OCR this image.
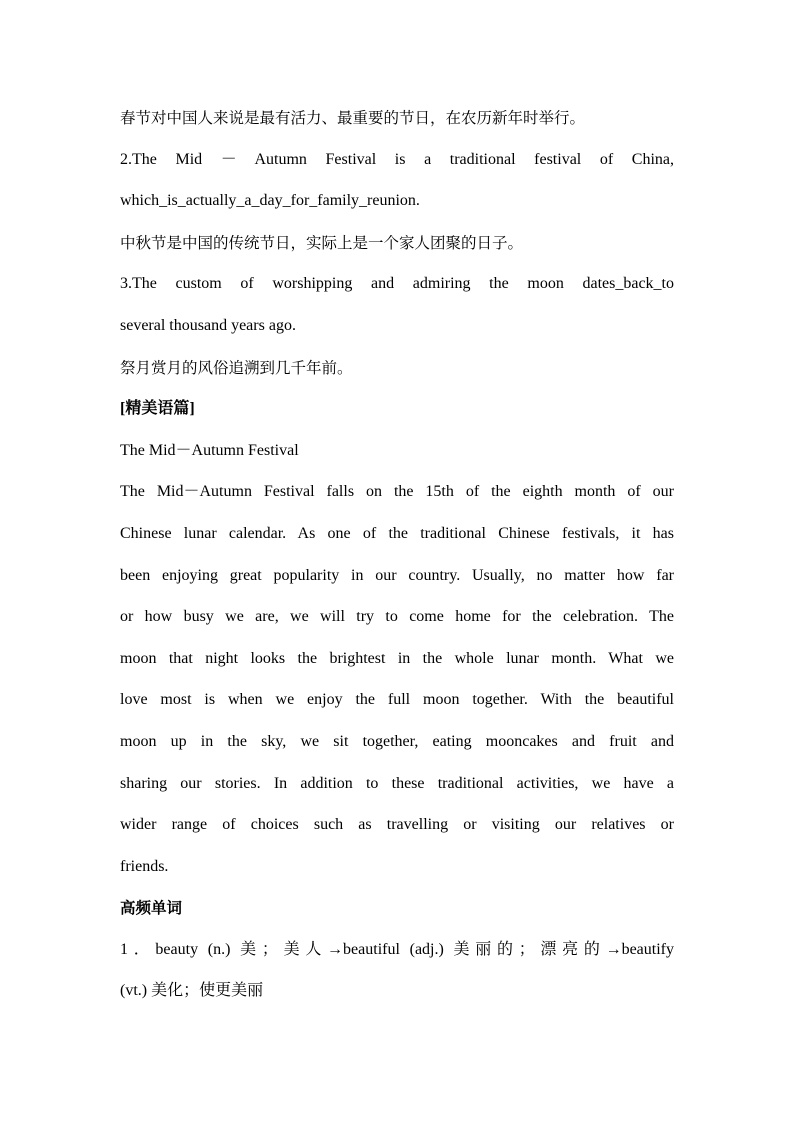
春节对中国人来说是最有活力、最重要的节日，在农历新年时举行。
2.The Mid － Autumn Festival is a traditional festival of China,
which_is_actually_a_day_for_family_reunion.
中秋节是中国的传统节日，实际上是一个家人团聚的日子。
3.The custom of worshipping and admiring the moon dates_back_to
several thousand years ago.
祭月赏月的风俗追溯到几千年前。
[精美语篇]
The Mid－Autumn Festival
The Mid－Autumn Festival falls on the 15th of the eighth month of our
Chinese lunar calendar. As one of the traditional Chinese festivals, it has
been enjoying great popularity in our country. Usually, no matter how far
or how busy we are, we will try to come home for the celebration. The
moon that night looks the brightest in the whole lunar month. What we
love most is when we enjoy the full moon together. With the beautiful
moon up in the sky, we sit together, eating mooncakes and fruit and
sharing our stories. In addition to these traditional activities, we have a
wider range of choices such as travelling or visiting our relatives or
friends.
高频单词
1．beauty (n.) 美；美人→beautiful (adj.) 美丽的；漂亮的→beautify
(vt.) 美化；使更美丽
